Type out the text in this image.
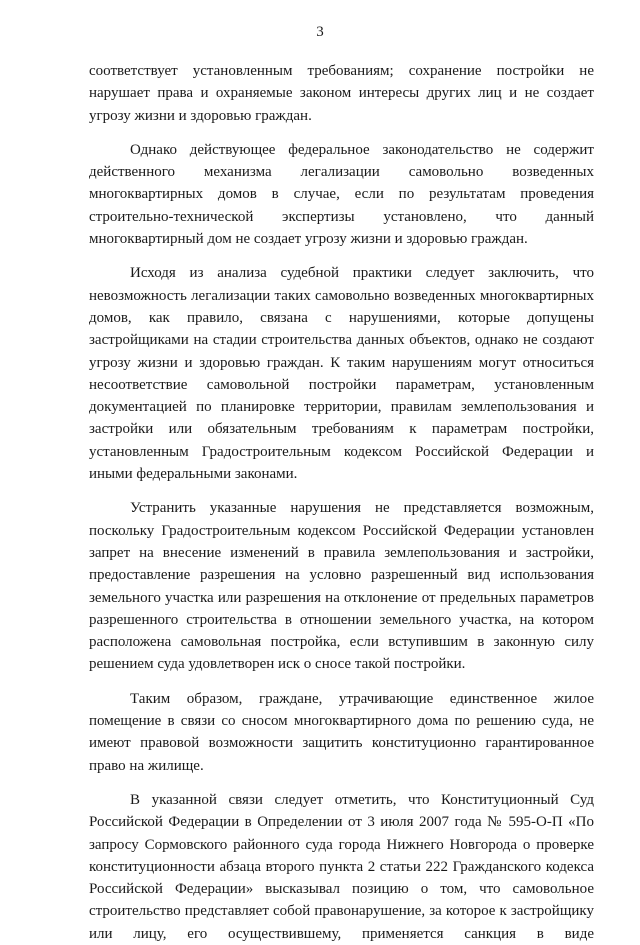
3

соответствует установленным требованиям; сохранение постройки не нарушает права и охраняемые законом интересы других лиц и не создает угрозу жизни и здоровью граждан.

Однако действующее федеральное законодательство не содержит действенного механизма легализации самовольно возведенных многоквартирных домов в случае, если по результатам проведения строительно-технической экспертизы установлено, что данный многоквартирный дом не создает угрозу жизни и здоровью граждан.

Исходя из анализа судебной практики следует заключить, что невозможность легализации таких самовольно возведенных многоквартирных домов, как правило, связана с нарушениями, которые допущены застройщиками на стадии строительства данных объектов, однако не создают угрозу жизни и здоровью граждан. К таким нарушениям могут относиться несоответствие самовольной постройки параметрам, установленным документацией по планировке территории, правилам землепользования и застройки или обязательным требованиям к параметрам постройки, установленным Градостроительным кодексом Российской Федерации и иными федеральными законами.

Устранить указанные нарушения не представляется возможным, поскольку Градостроительным кодексом Российской Федерации установлен запрет на внесение изменений в правила землепользования и застройки, предоставление разрешения на условно разрешенный вид использования земельного участка или разрешения на отклонение от предельных параметров разрешенного строительства в отношении земельного участка, на котором расположена самовольная постройка, если вступившим в законную силу решением суда удовлетворен иск о сносе такой постройки.

Таким образом, граждане, утрачивающие единственное жилое помещение в связи со сносом многоквартирного дома по решению суда, не имеют правовой возможности защитить конституционно гарантированное право на жилище.

В указанной связи следует отметить, что Конституционный Суд Российской Федерации в Определении от 3 июля 2007 года № 595-О-П «По запросу Сормовского районного суда города Нижнего Новгорода о проверке конституционности абзаца второго пункта 2 статьи 222 Гражданского кодекса Российской Федерации» высказывал позицию о том, что самовольное строительство представляет собой правонарушение, за которое к застройщику или лицу, его осуществившему, применяется санкция в виде
